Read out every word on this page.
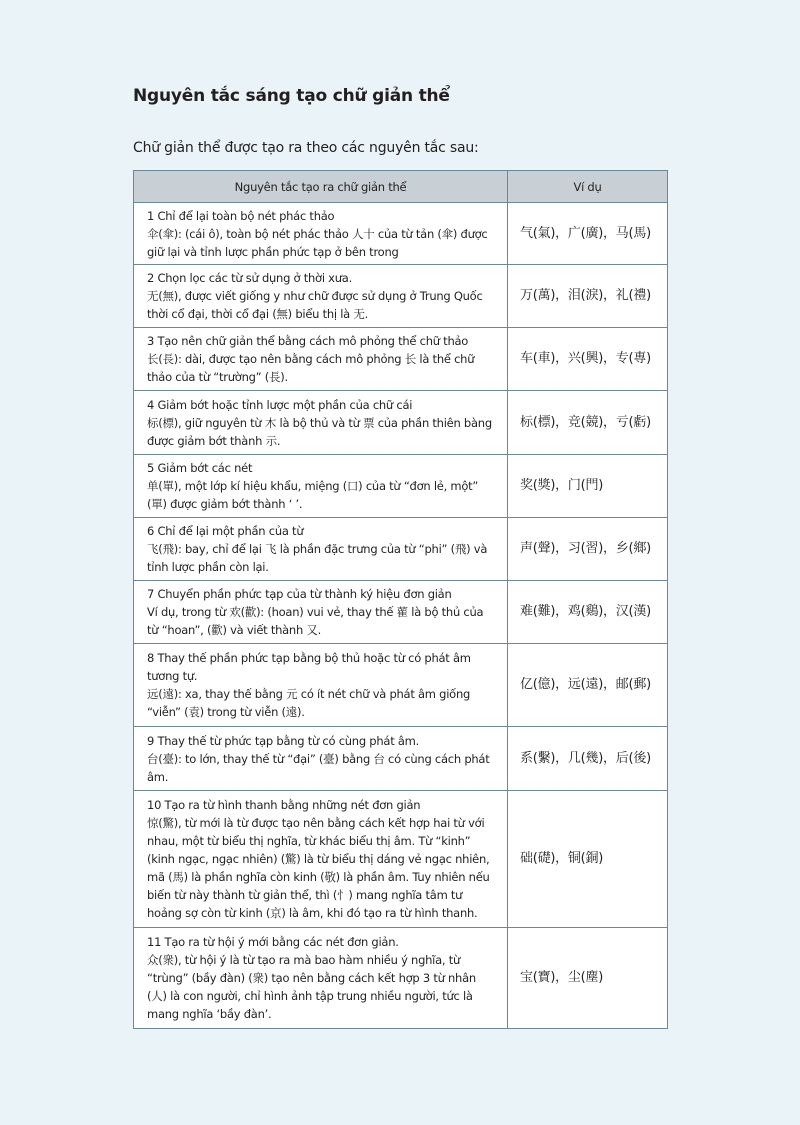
Nguyên tắc sáng tạo chữ giản thể
Chữ giản thể được tạo ra theo các nguyên tắc sau:
Nguyên tắc tạo ra chữ giản thể	Ví dụ

1 Chỉ để lại toàn bộ nét phác thảo
伞(傘): (cái ô), toàn bộ nét phác thảo 人十 của từ tản (傘) được giữ lại và tỉnh lược phần phức tạp ở bên trong	气(氣)，广(廣)，马(馬)

2 Chọn lọc các từ sử dụng ở thời xưa.
无(無), được viết giống y như chữ được sử dụng ở Trung Quốc thời cổ đại, thời cổ đại (無) biểu thị là 无.	万(萬)，泪(淚)，礼(禮)

3 Tạo nên chữ giản thể bằng cách mô phỏng thể chữ thảo
长(長): dài, được tạo nên bằng cách mô phỏng 长 là thể chữ thảo của từ “trường” (長).	车(車)，兴(興)，专(專)

4 Giảm bớt hoặc tỉnh lược một phần của chữ cái
标(標), giữ nguyên từ 木 là bộ thủ và từ 票 của phần thiên bàng được giảm bớt thành 示.	标(標)，竞(競)，亏(虧)

5 Giảm bớt các nét
单(單), một lớp kí hiệu khẩu, miệng (口) của từ “đơn lẻ, một” (單) được giảm bớt thành ‘ ’.	奖(獎)，门(門)

6 Chỉ để lại một phần của từ
飞(飛): bay, chỉ để lại 飞 là phần đặc trưng của từ “phi” (飛) và tỉnh lược phần còn lại.	声(聲)，习(習)，乡(鄉)

7 Chuyển phần phức tạp của từ thành ký hiệu đơn giản
Ví dụ, trong từ 欢(歡): (hoan) vui vẻ, thay thế 雚 là bộ thủ của từ “hoan”, (歡) và viết thành 又.	难(難)，鸡(鷄)，汉(漢)

8 Thay thế phần phức tạp bằng bộ thủ hoặc từ có phát âm tương tự.
远(遠): xa, thay thế bằng 元 có ít nét chữ và phát âm giống “viễn” (袁) trong từ viễn (遠).	亿(億)，远(遠)，邮(郵)

9 Thay thế từ phức tạp bằng từ có cùng phát âm.
台(臺): to lớn, thay thế từ “đại” (臺) bằng 台 có cùng cách phát âm.	系(繫)，几(幾)，后(後)

10 Tạo ra từ hình thanh bằng những nét đơn giản
惊(驚), từ mới là từ được tạo nên bằng cách kết hợp hai từ với nhau, một từ biểu thị nghĩa, từ khác biểu thị âm. Từ “kinh” (kinh ngạc, ngạc nhiên) (驚) là từ biểu thị dáng vẻ ngạc nhiên, mã (馬) là phần nghĩa còn kinh (敬) là phần âm. Tuy nhiên nếu biến từ này thành từ giản thể, thì (忄) mang nghĩa tâm tư hoảng sợ còn từ kinh (京) là âm, khi đó tạo ra từ hình thanh.	础(礎)，铜(銅)

11 Tạo ra từ hội ý mới bằng các nét đơn giản.
众(衆), từ hội ý là từ tạo ra mà bao hàm nhiều ý nghĩa, từ “trùng” (bầy đàn) (衆) tạo nên bằng cách kết hợp 3 từ nhân (人) là con người, chỉ hình ảnh tập trung nhiều người, tức là mang nghĩa ‘bầy đàn’.	宝(寶)，尘(塵)
